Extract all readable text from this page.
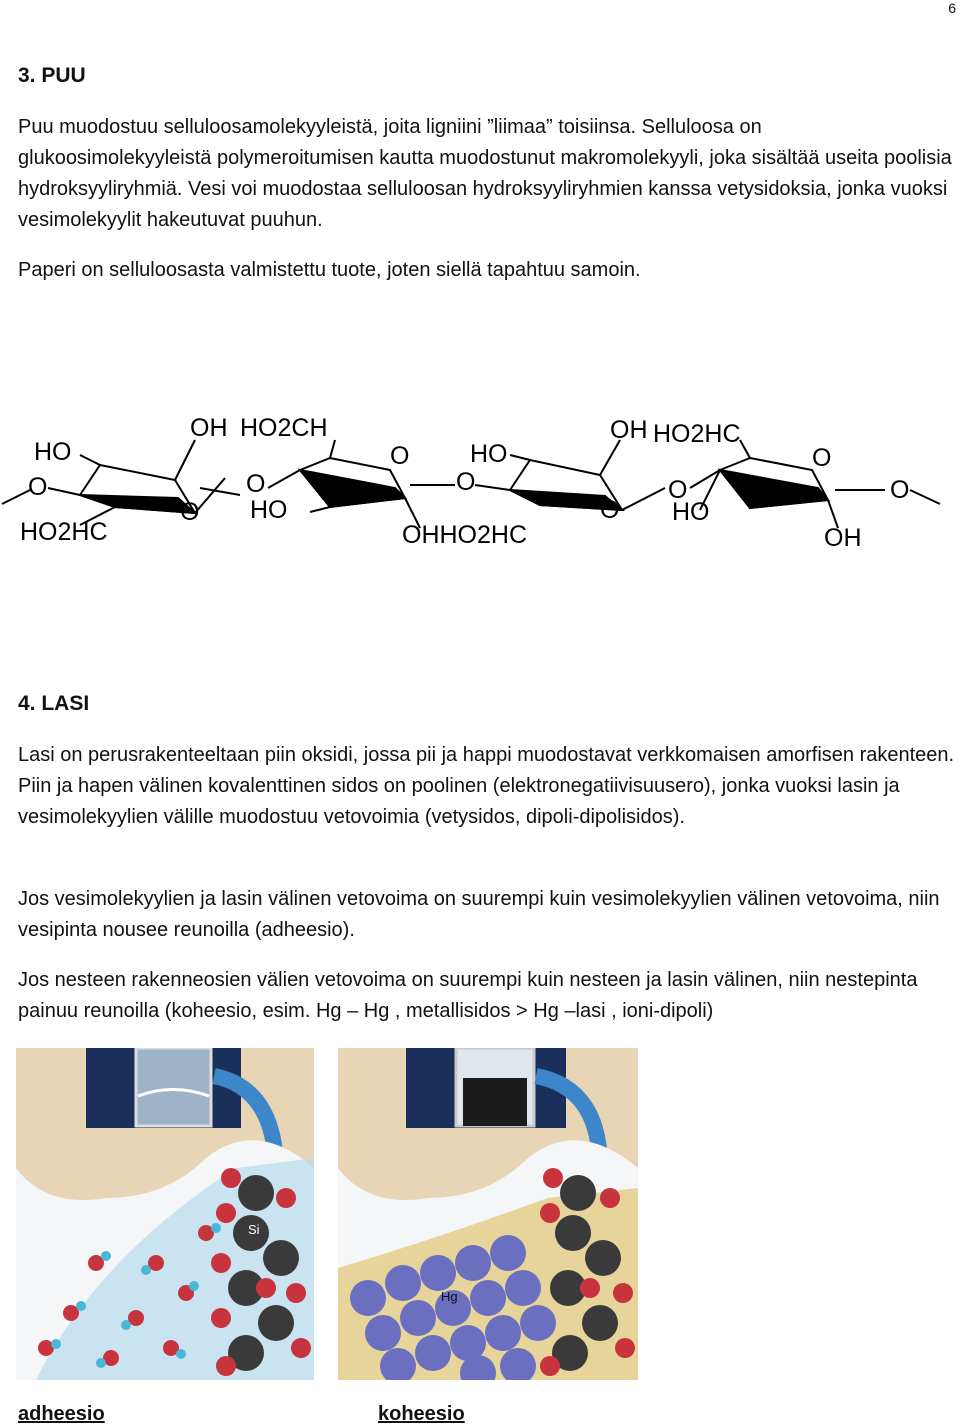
6
3. PUU

Puu muodostuu selluloosamolekyyleistä, joita ligniini ”liimaa” toisiinsa. Selluloosa on glukoosimolekyyleistä polymeroitumisen kautta muodostunut makromolekyyli, joka sisältää useita poolisia hydroksyyliryhmiä. Vesi voi muodostaa selluloosan hydroksyyliryhmien kanssa vetysidoksia, jonka vuoksi vesimolekyylit hakeutuvat puuhun.

Paperi on selluloosasta valmistettu tuote, joten siellä tapahtuu samoin.

HO
O
HO2HC
O
OH HO2CH
O
HO
O
OHHO2HC
HO
O
O
OH HO2HC
O
HO
O
O
OH
4. LASI

Lasi on perusrakenteeltaan piin oksidi, jossa pii ja happi muodostavat verkkomaisen amorfisen rakenteen. Piin ja hapen välinen kovalenttinen sidos on poolinen (elektronegatiivisuusero), jonka vuoksi lasin ja vesimolekyylien välille muodostuu vetovoimia (vetysidos, dipoli-dipolisidos).

Jos vesimolekyylien ja lasin välinen vetovoima on suurempi kuin vesimolekyylien välinen vetovoima, niin vesipinta nousee reunoilla (adheesio).

Jos nesteen rakenneosien välien vetovoima on suurempi kuin nesteen ja lasin välinen, niin nestepinta painuu reunoilla (koheesio, esim. Hg – Hg , metallisidos > Hg –lasi , ioni-dipoli)

Si
Hg
adheesio	koheesio
